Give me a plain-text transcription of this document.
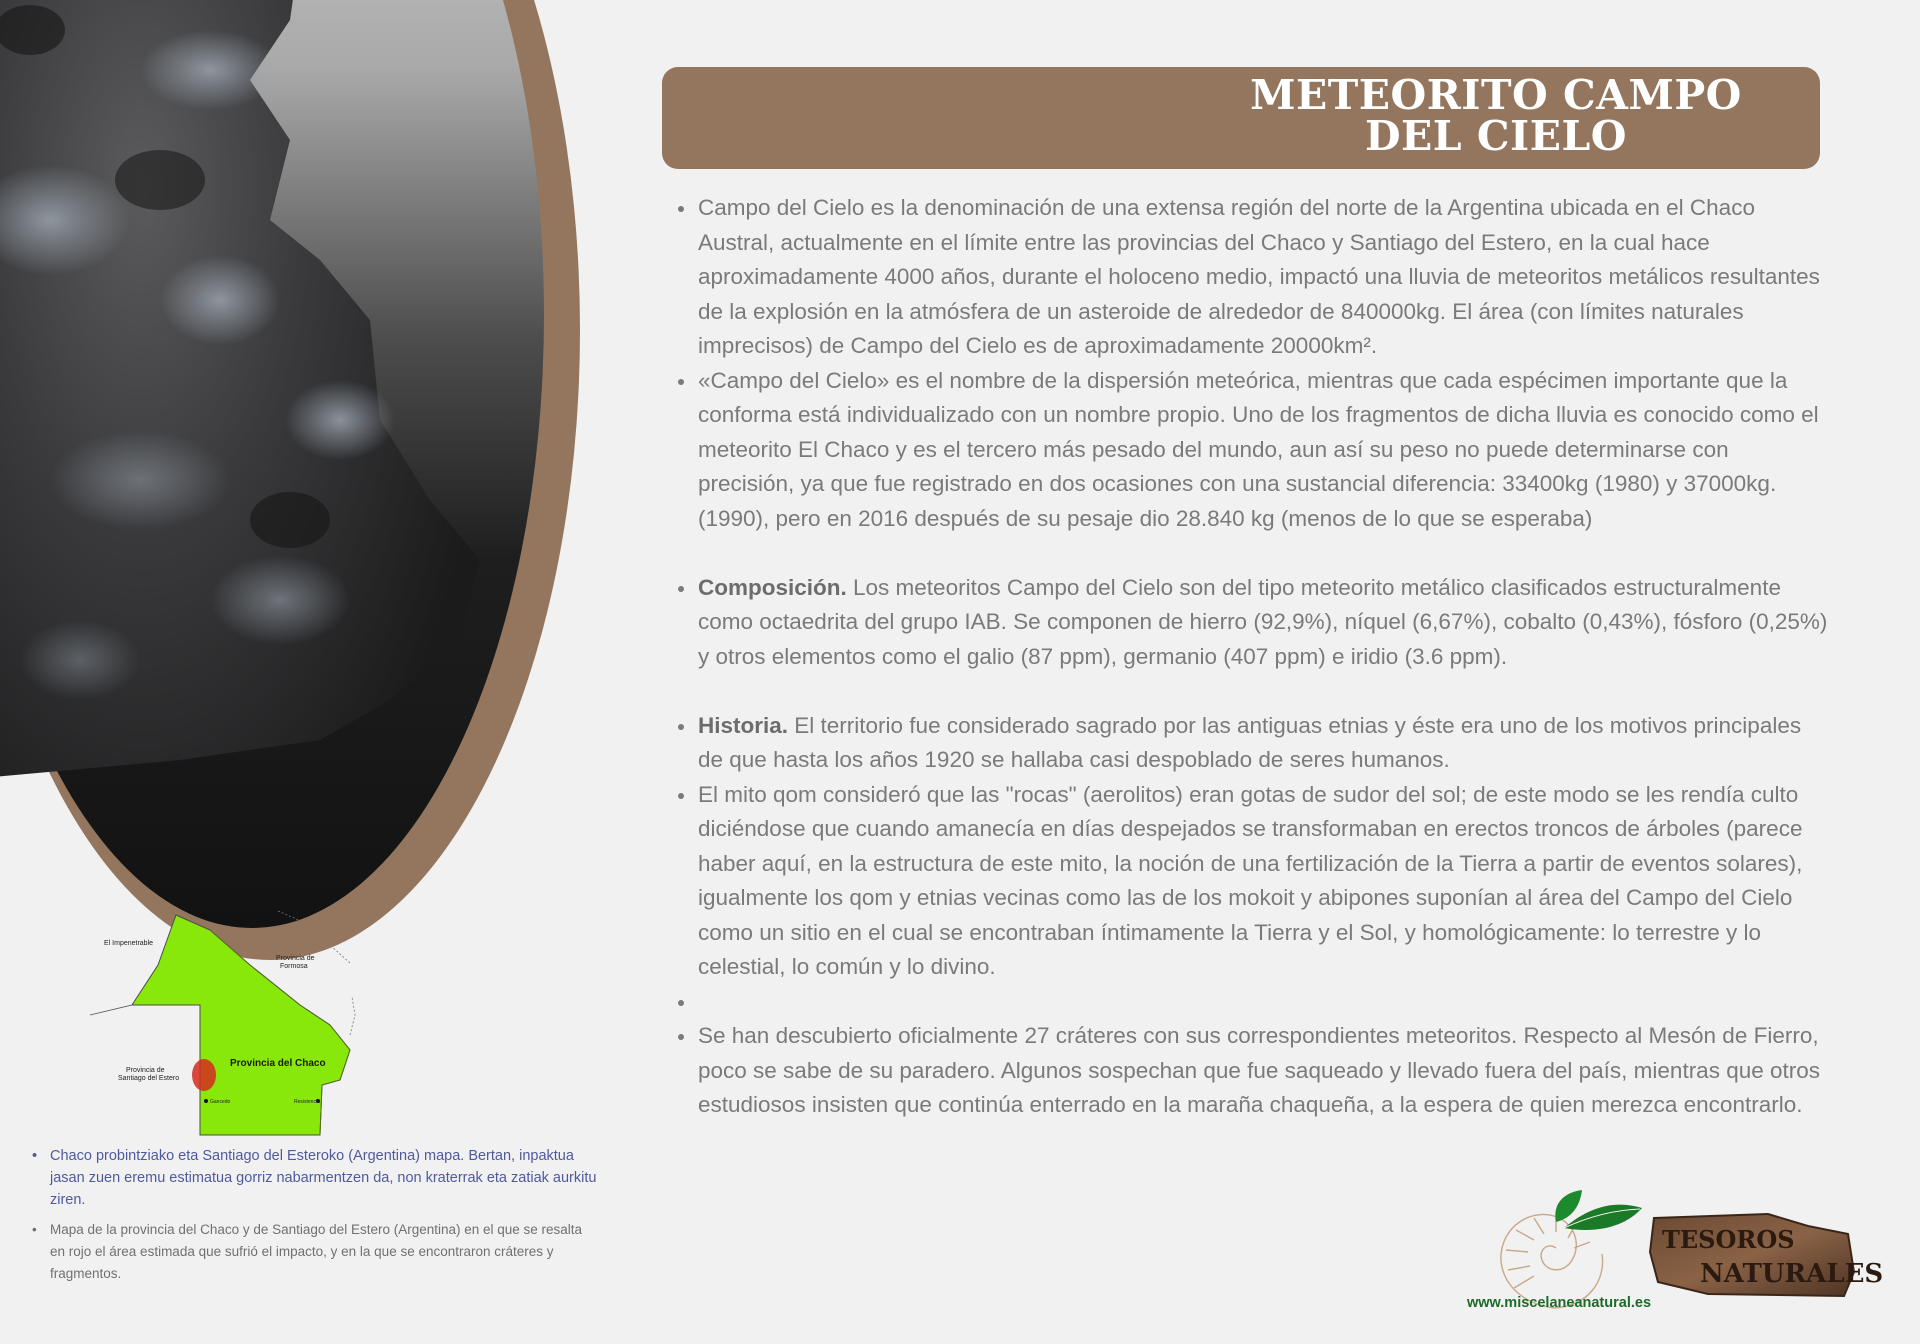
El Impenetrable
Provincia de
Formosa
Provincia de
Santiago del Estero
Provincia del Chaco
Gancedo	Resistencia
• Chaco probintziako eta Santiago del Esteroko (Argentina) mapa. Bertan, inpaktua jasan zuen eremu estimatua gorriz nabarmentzen da, non kraterrak eta zatiak aurkitu ziren.
• Mapa de la provincia del Chaco y de Santiago del Estero (Argentina) en el que se resalta en rojo el área estimada que sufrió el impacto, y en la que se encontraron cráteres y fragmentos.
METEORITO CAMPO DEL CIELO
Campo del Cielo es la denominación de una extensa región del norte de la Argentina ubicada en el Chaco Austral, actualmente en el límite entre las provincias del Chaco y Santiago del Estero, en la cual hace aproximadamente 4000 años, durante el holoceno medio, impactó una lluvia de meteoritos metálicos resultantes de la explosión en la atmósfera de un asteroide de alrededor de 840000kg. El área (con límites naturales imprecisos) de Campo del Cielo es de aproximadamente 20000km².
«Campo del Cielo» es el nombre de la dispersión meteórica, mientras que cada espécimen importante que la conforma está individualizado con un nombre propio. Uno de los fragmentos de dicha lluvia es conocido como el meteorito El Chaco y es el tercero más pesado del mundo, aun así su peso no puede determinarse con precisión, ya que fue registrado en dos ocasiones con una sustancial diferencia: 33400kg (1980) y 37000kg. (1990), pero en 2016 después de su pesaje dio 28.840 kg (menos de lo que se esperaba)
Composición. Los meteoritos Campo del Cielo son del tipo meteorito metálico clasificados estructuralmente como octaedrita del grupo IAB. Se componen de hierro (92,9%), níquel (6,67%), cobalto (0,43%), fósforo (0,25%) y otros elementos como el galio (87 ppm), germanio (407 ppm) e iridio (3.6 ppm).
Historia. El territorio fue considerado sagrado por las antiguas etnias y éste era uno de los motivos principales de que hasta los años 1920 se hallaba casi despoblado de seres humanos.
El mito qom consideró que las "rocas" (aerolitos) eran gotas de sudor del sol; de este modo se les rendía culto diciéndose que cuando amanecía en días despejados se transformaban en erectos troncos de árboles (parece haber aquí, en la estructura de este mito, la noción de una fertilización de la Tierra a partir de eventos solares), igualmente los qom y etnias vecinas como las de los mokoit y abipones suponían al área del Campo del Cielo como un sitio en el cual se encontraban íntimamente la Tierra y el Sol, y homológicamente: lo terrestre y lo celestial, lo común y lo divino.
Se han descubierto oficialmente 27 cráteres con sus correspondientes meteoritos. Respecto al Mesón de Fierro, poco se sabe de su paradero. Algunos sospechan que fue saqueado y llevado fuera del país, mientras que otros estudiosos insisten que continúa enterrado en la maraña chaqueña, a la espera de quien merezca encontrarlo.
www.miscelaneanatural.es
TESOROS
NATURALES
